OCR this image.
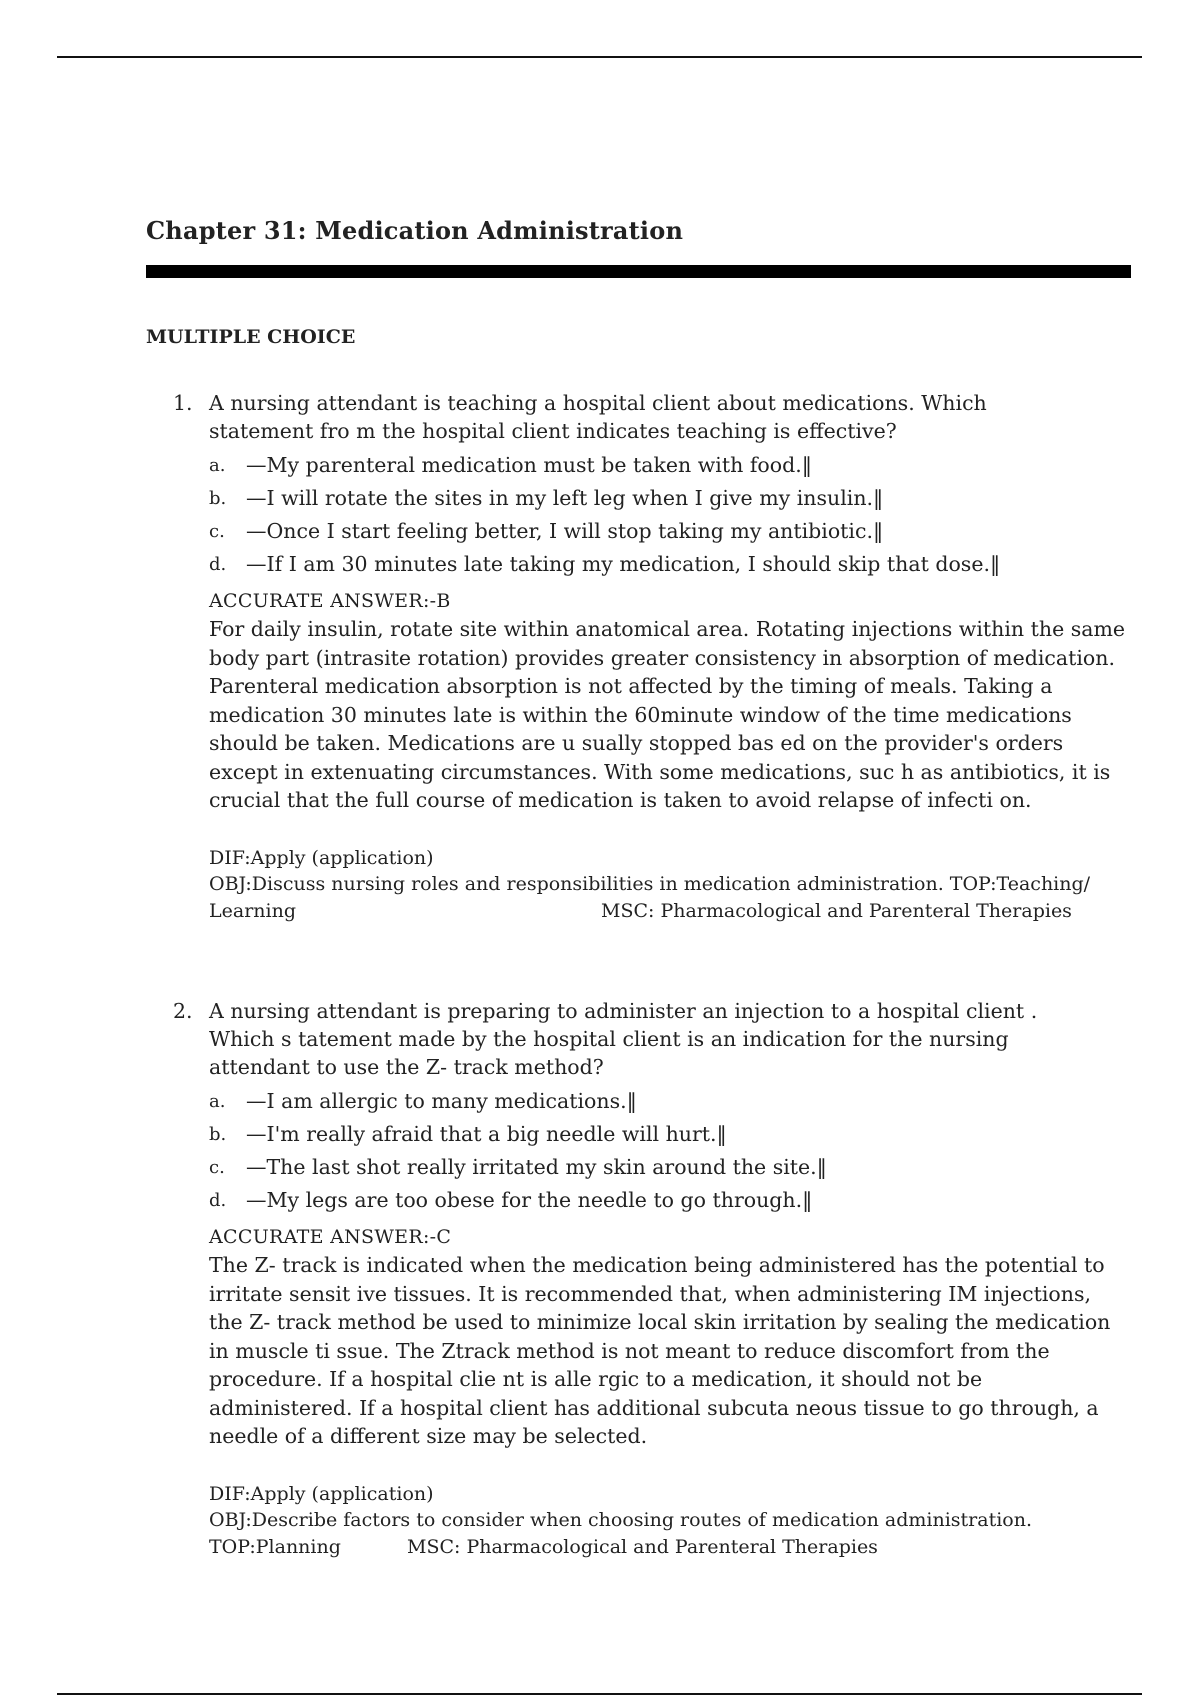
Chapter 31: Medication Administration
MULTIPLE CHOICE
1. A nursing attendant is teaching a hospital client about medications. Which statement fro m the hospital client indicates teaching is effective?
a. —My parenteral medication must be taken with food.‖
b. —I will rotate the sites in my left leg when I give my insulin.‖
c. —Once I start feeling better, I will stop taking my antibiotic.‖
d. —If I am 30 minutes late taking my medication, I should skip that dose.‖
ACCURATE ANSWER:-B
For daily insulin, rotate site within anatomical area. Rotating injections within the same body part (intrasite rotation) provides greater consistency in absorption of medication. Parenteral medication absorption is not affected by the timing of meals. Taking a medication 30 minutes late is within the 60minute window of the time medications should be taken. Medications are u sually stopped bas ed on the provider's orders except in extenuating circumstances. With some medications, suc h as antibiotics, it is crucial that the full course of medication is taken to avoid relapse of infecti on.
DIF:Apply (application)
OBJ:Discuss nursing roles and responsibilities in medication administration. TOP:Teaching/
Learning	MSC: Pharmacological and Parenteral Therapies
2. A nursing attendant is preparing to administer an injection to a hospital client . Which s tatement made by the hospital client is an indication for the nursing attendant to use the Z- track method?
a. —I am allergic to many medications.‖
b. —I'm really afraid that a big needle will hurt.‖
c. —The last shot really irritated my skin around the site.‖
d. —My legs are too obese for the needle to go through.‖
ACCURATE ANSWER:-C
The Z- track is indicated when the medication being administered has the potential to irritate sensit ive tissues. It is recommended that, when administering IM injections, the Z- track method be used to minimize local skin irritation by sealing the medication in muscle ti ssue. The Ztrack method is not meant to reduce discomfort from the procedure. If a hospital clie nt is alle rgic to a medication, it should not be administered. If a hospital client has additional subcuta neous tissue to go through, a needle of a different size may be selected.
DIF:Apply (application)
OBJ:Describe factors to consider when choosing routes of medication administration.
TOP:Planning	MSC: Pharmacological and Parenteral Therapies
